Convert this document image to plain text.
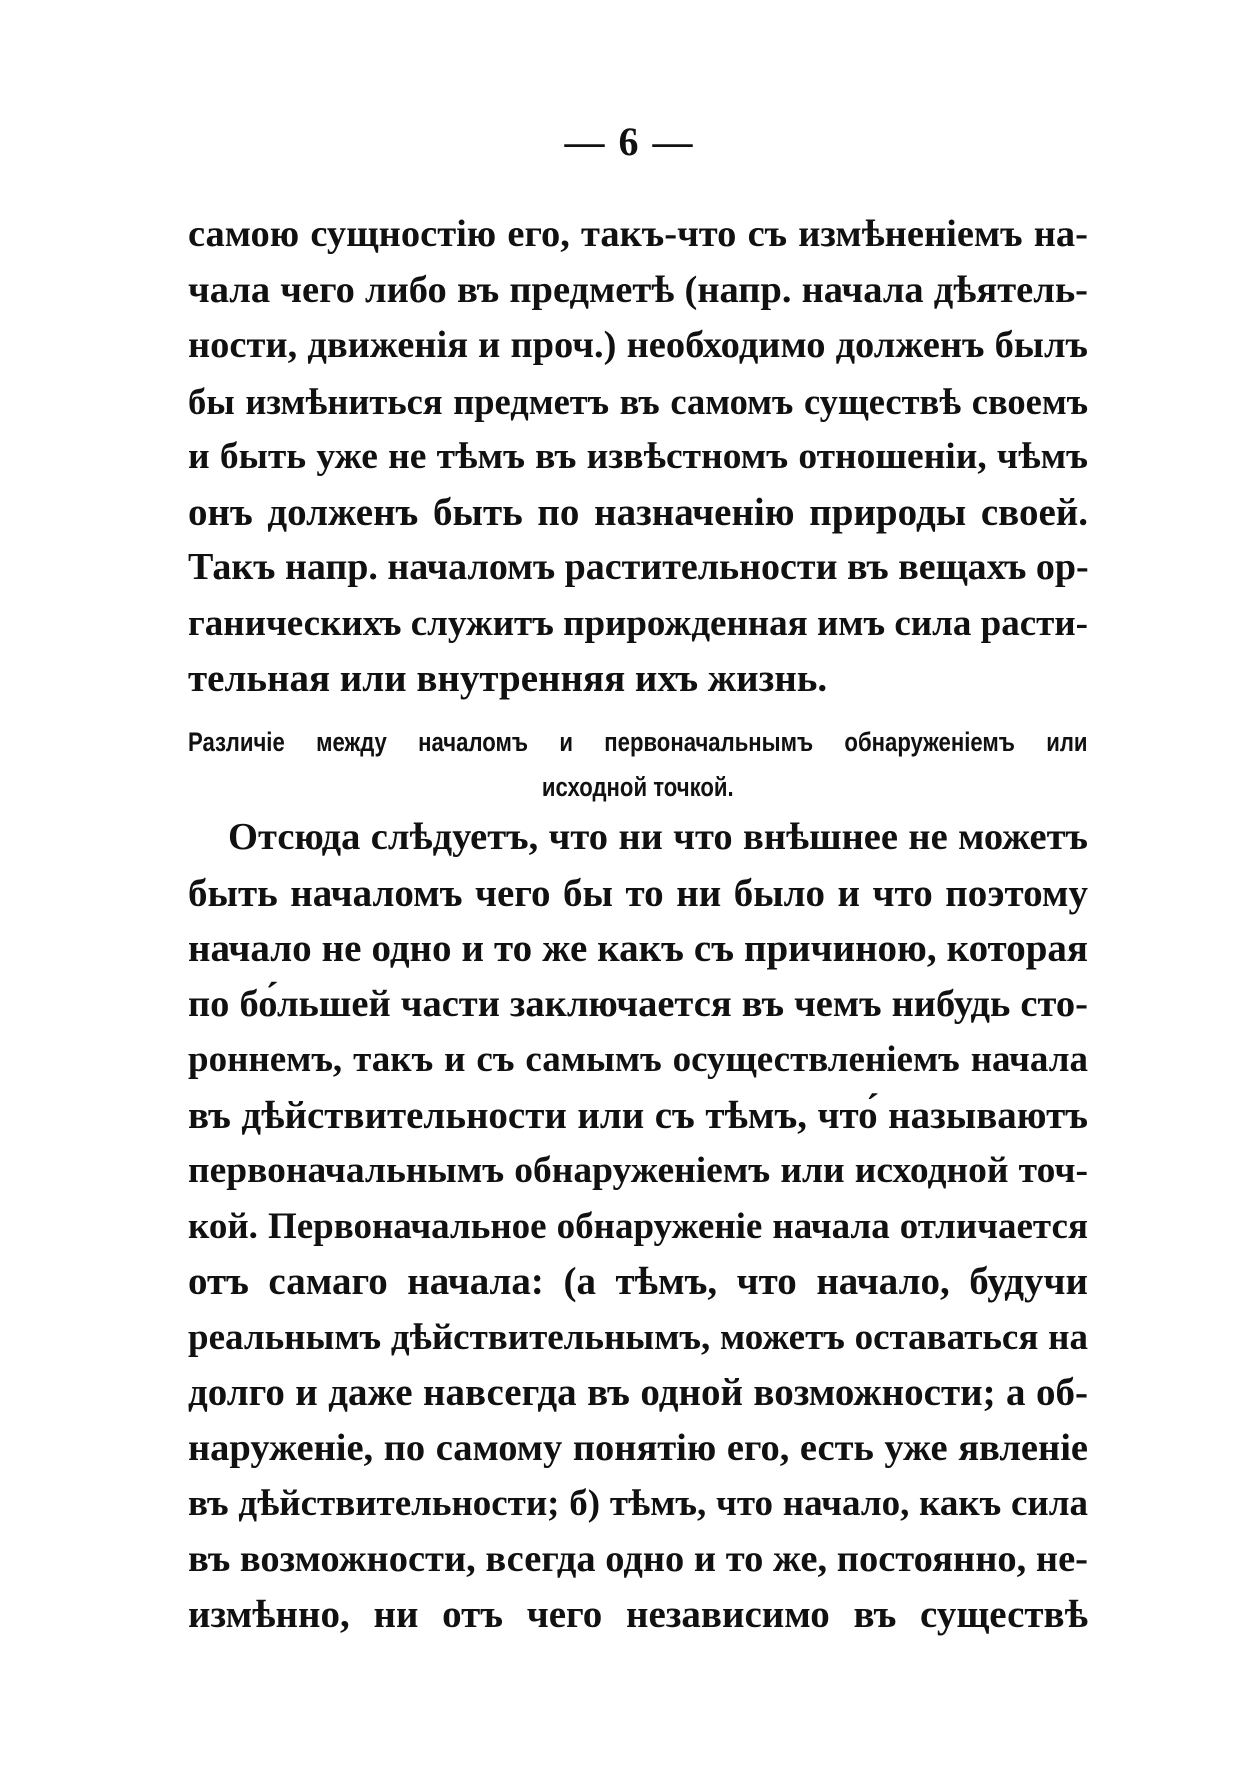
— 6 —
самою сущностію его, такъ-что съ измѣненіемъ на-
чала чего либо въ предметѣ (напр. начала дѣятель-
ности, движенія и проч.) необходимо долженъ былъ
бы измѣниться предметъ въ самомъ существѣ своемъ
и быть уже не тѣмъ въ извѣстномъ отношеніи, чѣмъ
онъ долженъ быть по назначенію природы своей.
Такъ напр. началомъ растительности въ вещахъ ор-
ганическихъ служитъ прирожденная имъ сила расти-
тельная или внутренняя ихъ жизнь.
Различіе между началомъ и первоначальнымъ обнаруженіемъ или
исходной точкой.
Отсюда слѣдуетъ, что ни что внѣшнее не можетъ
быть началомъ чего бы то ни было и что поэтому
начало не одно и то же какъ съ причиною, которая
по бо́льшей части заключается въ чемъ нибудь сто-
роннемъ, такъ и съ самымъ осуществленіемъ начала
въ дѣйствительности или съ тѣмъ, что́ называютъ
первоначальнымъ обнаруженіемъ или исходной точ-
кой. Первоначальное обнаруженіе начала отличается
отъ самаго начала: (а тѣмъ, что начало, будучи
реальнымъ дѣйствительнымъ, можетъ оставаться на
долго и даже навсегда въ одной возможности; а об-
наруженіе, по самому понятію его, есть уже явленіе
въ дѣйствительности; б) тѣмъ, что начало, какъ сила
въ возможности, всегда одно и то же, постоянно, не-
измѣнно, ни отъ чего независимо въ существѣ
